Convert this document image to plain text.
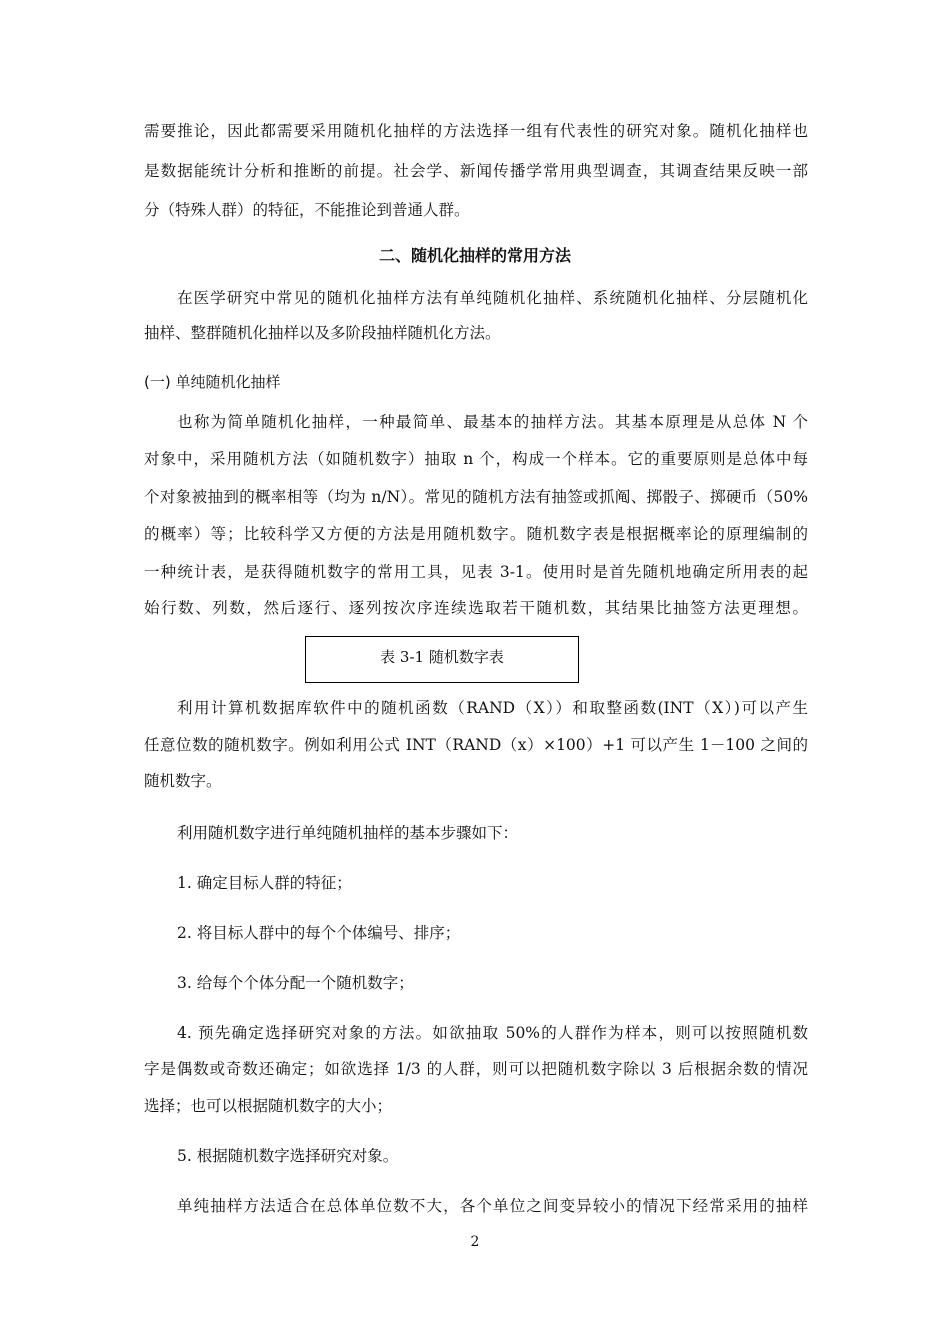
需要推论，因此都需要采用随机化抽样的方法选择一组有代表性的研究对象。随机化抽样也
是数据能统计分析和推断的前提。社会学、新闻传播学常用典型调查，其调查结果反映一部
分（特殊人群）的特征，不能推论到普通人群。
二、随机化抽样的常用方法
在医学研究中常见的随机化抽样方法有单纯随机化抽样、系统随机化抽样、分层随机化
抽样、整群随机化抽样以及多阶段抽样随机化方法。
(一) 单纯随机化抽样
也称为简单随机化抽样，一种最简单、最基本的抽样方法。其基本原理是从总体 N 个
对象中，采用随机方法（如随机数字）抽取 n 个，构成一个样本。它的重要原则是总体中每
个对象被抽到的概率相等（均为 n/N）。常见的随机方法有抽签或抓阄、掷骰子、掷硬币（50%
的概率）等；比较科学又方便的方法是用随机数字。随机数字表是根据概率论的原理编制的
一种统计表，是获得随机数字的常用工具，见表 3-1。使用时是首先随机地确定所用表的起
始行数、列数，然后逐行、逐列按次序连续选取若干随机数，其结果比抽签方法更理想。
表 3-1 随机数字表
利用计算机数据库软件中的随机函数（RAND（X））和取整函数(INT（X）)可以产生
任意位数的随机数字。例如利用公式 INT（RAND（x）×100）+1 可以产生 1－100 之间的
随机数字。
利用随机数字进行单纯随机抽样的基本步骤如下：
1. 确定目标人群的特征；
2. 将目标人群中的每个个体编号、排序；
3. 给每个个体分配一个随机数字；
4. 预先确定选择研究对象的方法。如欲抽取 50%的人群作为样本，则可以按照随机数
字是偶数或奇数还确定；如欲选择 1/3 的人群，则可以把随机数字除以 3 后根据余数的情况
选择；也可以根据随机数字的大小；
5. 根据随机数字选择研究对象。
单纯抽样方法适合在总体单位数不大，各个单位之间变异较小的情况下经常采用的抽样
2
